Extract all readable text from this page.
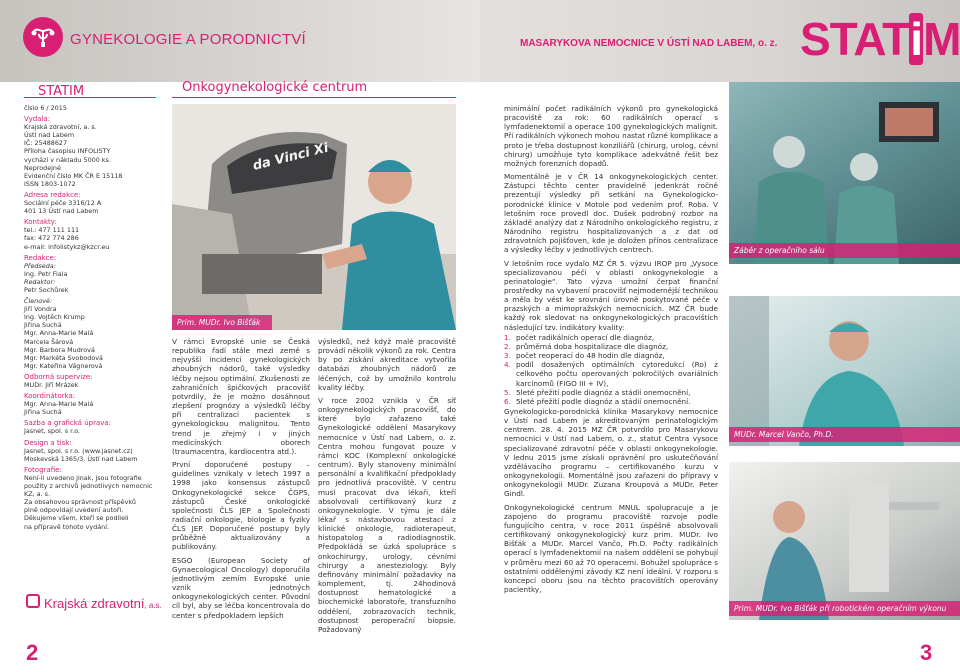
GYNEKOLOGIE A PORODNICTVÍ	MASARYKOVA NEMOCNICE V ÚSTÍ NAD LABEM, o. z. STATiM
STATIM
číslo 6 / 2015
Vydala:
Krajská zdravotní, a. s.
Ústí nad Labem
IČ: 25488627
Příloha časopisu INFOLISTY
vychází v nákladu 5000 ks.
Neprodejné
Evidenční číslo MK ČR E 15118
ISSN 1803-1072
Adresa redakce:
Sociální péče 3316/12 A
401 13 Ústí nad Labem
Kontakty:
tel.: 477 111 111
fax: 472 774 286
e-mail: infolistykz@kzcr.eu
Redakce:
Předseda:
Ing. Petr Fiala
Redaktor:
Petr Sochůrek
Členové:
Jiří Vondra
Ing. Vojtěch Krump
Jiřina Suchá
Mgr. Anna-Marie Malá
Marcela Šárová
Mgr. Barbora Mudrová
Mgr. Markéta Svobodová
Mgr. Kateřina Vágnerová
Odborná supervize:
MUDr. Jiří Mrázek
Koordinátorka:
Mgr. Anna-Marie Malá
Jiřina Suchá
Sazba a grafická úprava:
Jasnet, spol. s r.o.
Design a tisk:
Jasnet, spol. s r.o. (www.jasnet.cz)
Moskevská 1365/3, Ústí nad Labem
Fotografie:
Není-li uvedeno jinak, jsou fotografie
použity z archivů jednotlivých nemocnic
KZ, a. s.
Za obsahovou správnost příspěvků
plně odpovídají uvedení autoři.
Děkujeme všem, kteří se podíleli
na přípravě tohoto vydání.
Krajská zdravotní, a.s.
2	3
Onkogynekologické centrum
da Vinci Xi
Prim. MUDr. Ivo Bišťák

V rámci Evropské unie se Česká republika řadí stále mezi země s nejvyšší incidencí gynekologických zhoubných nádorů, také výsledky léčby nejsou optimální. Zkušenosti ze zahraničních špičkových pracovišť potvrdily, že je možno dosáhnout zlepšení prognózy a výsledků léčby při centralizaci pacientek s gynekologickou malignitou. Tento trend je zřejmý i v jiných medicínských oborech (traumacentra, kardiocentra atd.).

První doporučené postupy – guidelines vznikaly v letech 1997 a 1998 jako konsensus zástupců Onkogynekologické sekce ČGPS, zástupců České onkologické společnosti ČLS JEP a Společnosti radiační onkologie, biologie a fyziky ČLS JEP. Doporučené postupy byly průběžně aktualizovány a publikovány.

ESGO (European Society of Gynaecological Oncology) doporučila jednotlivým zemím Evropské unie vznik jednotných onkogynekologických center. Původní cíl byl, aby se léčba koncentrovala do center s předpokladem lepších

výsledků, než když malé pracoviště provádí několik výkonů za rok. Centra by po získání akreditace vytvořila databázi zhoubných nádorů ze léčených, což by umožnilo kontrolu kvality léčby.

V roce 2002 vznikla v ČR síť onkogynekologických pracovišť, do které bylo zařazeno také Gynekologické oddělení Masarykovy nemocnice v Ústí nad Labem, o. z. Centra mohou fungovat pouze v rámci KOC (Komplexní onkologické centrum). Byly stanoveny minimální personální a kvalifikační předpoklady pro jednotlivá pracoviště. V centru musí pracovat dva lékaři, kteří absolvovali certifikovaný kurz z onkogynekologie. V týmu je dále lékař s nástavbovou atestací z klinické onkologie, radioterapeut, histopatolog a radiodiagnostik. Předpokládá se úzká spolupráce s onkochirurgy, urology, cévními chirurgy a anesteziology. Byly definovány minimální požadavky na komplement, tj. 24hodinová dostupnost hematologické a biochemické laboratoře, transfuzního oddělení, zobrazovacích technik, dostupnost peroperační biopsie. Požadovaný

minimální počet radikálních výkonů pro gynekologická pracoviště za rok: 60 radikálních operací s lymfadenektomií a operace 100 gynekologických malignit. Při radikálních výkonech mohou nastat různé komplikace a proto je třeba dostupnost konziliářů (chirurg, urolog, cévní chirurg) umožňuje tyto komplikace adekvátně řešit bez možných forenzních dopadů.

Momentálně je v ČR 14 onkogynekologických center. Zástupci těchto center pravidelně jedenkrát ročně prezentují výsledky při setkání na Gynekologicko-porodnické klinice v Motole pod vedením prof. Roba. V letošním roce provedl doc. Dušek podrobný rozbor na základě analýzy dat z Národního onkologického registru, z Národního registru hospitalizovaných a z dat od zdravotních pojišťoven, kde je doložen přínos centralizace a výsledky léčby v jednotlivých centrech.

V letošním roce vydalo MZ ČR 5. výzvu IROP pro „Vysoce specializovanou péči v oblasti onkogynekologie a perinatologie“. Tato výzva umožní čerpat finanční prostředky na vybavení pracovišť nejmodernější technikou a měla by vést ke srovnání úrovně poskytované péče v prazských a mimopražských nemocnicích. MZ ČR bude každý rok sledovat na onkogynekologických pracovištích následující tzv. indikátory kvality:

1. počet radikálních operací dle diagnóz,
2. průměrná doba hospitalizace dle diagnóz,
3. počet reoperací do 48 hodin dle diagnóz,
4. podíl dosažených optimálních cytoredukcí (Ro) z celkového počtu operovaných pokročilých ovariálních karcinomů (FIGO III + IV),
5. 5leté přežití podle diagnóz a stádií onemocnění,
6. 5leté přežití podle diagnóz a stádií onemocnění.

Gynekologicko-porodnická klinika Masarykovy nemocnice v Ústí nad Labem je akreditovaným perinatologickým centrem. 28. 4. 2015 MZ ČR potvrdilo pro Masarykovu nemocnici v Ústí nad Labem, o. z., statut Centra vysoce specializované zdravotní péče v oblasti onkogynekologie. V lednu 2015 jsme získali oprávnění pro uskutečňování vzdělávacího programu – certifikovaného kurzu v onkogynekologii. Momentálně jsou zařazeni do přípravy v onkogynekologii MUDr. Zuzana Kroupová a MUDr. Peter Gindl.

Onkogynekologické centrum MNUL spolupracuje a je zapojeno do programu pracoviště rozvoje podle fungujícího centra, v roce 2011 úspěšně absolvovali certifikovaný onkogynekologický kurz prim. MUDr. Ivo Bišťák a MUDr. Marcel Vančo, Ph.D. Počty radikálních operací s lymfadenektomií na našem oddělení se pohybují v průměru mezi 60 až 70 operacemi. Bohužel spolupráce s ostatními oddělenými závody KZ není ideální. V rozporu s koncepcí oboru jsou na těchto pracovištích operovány pacientky,

Záběr z operačního sálu
MUDr. Marcel Vančo, Ph.D.
Prim. MUDr. Ivo Bišťák při robotickém operačním výkonu
